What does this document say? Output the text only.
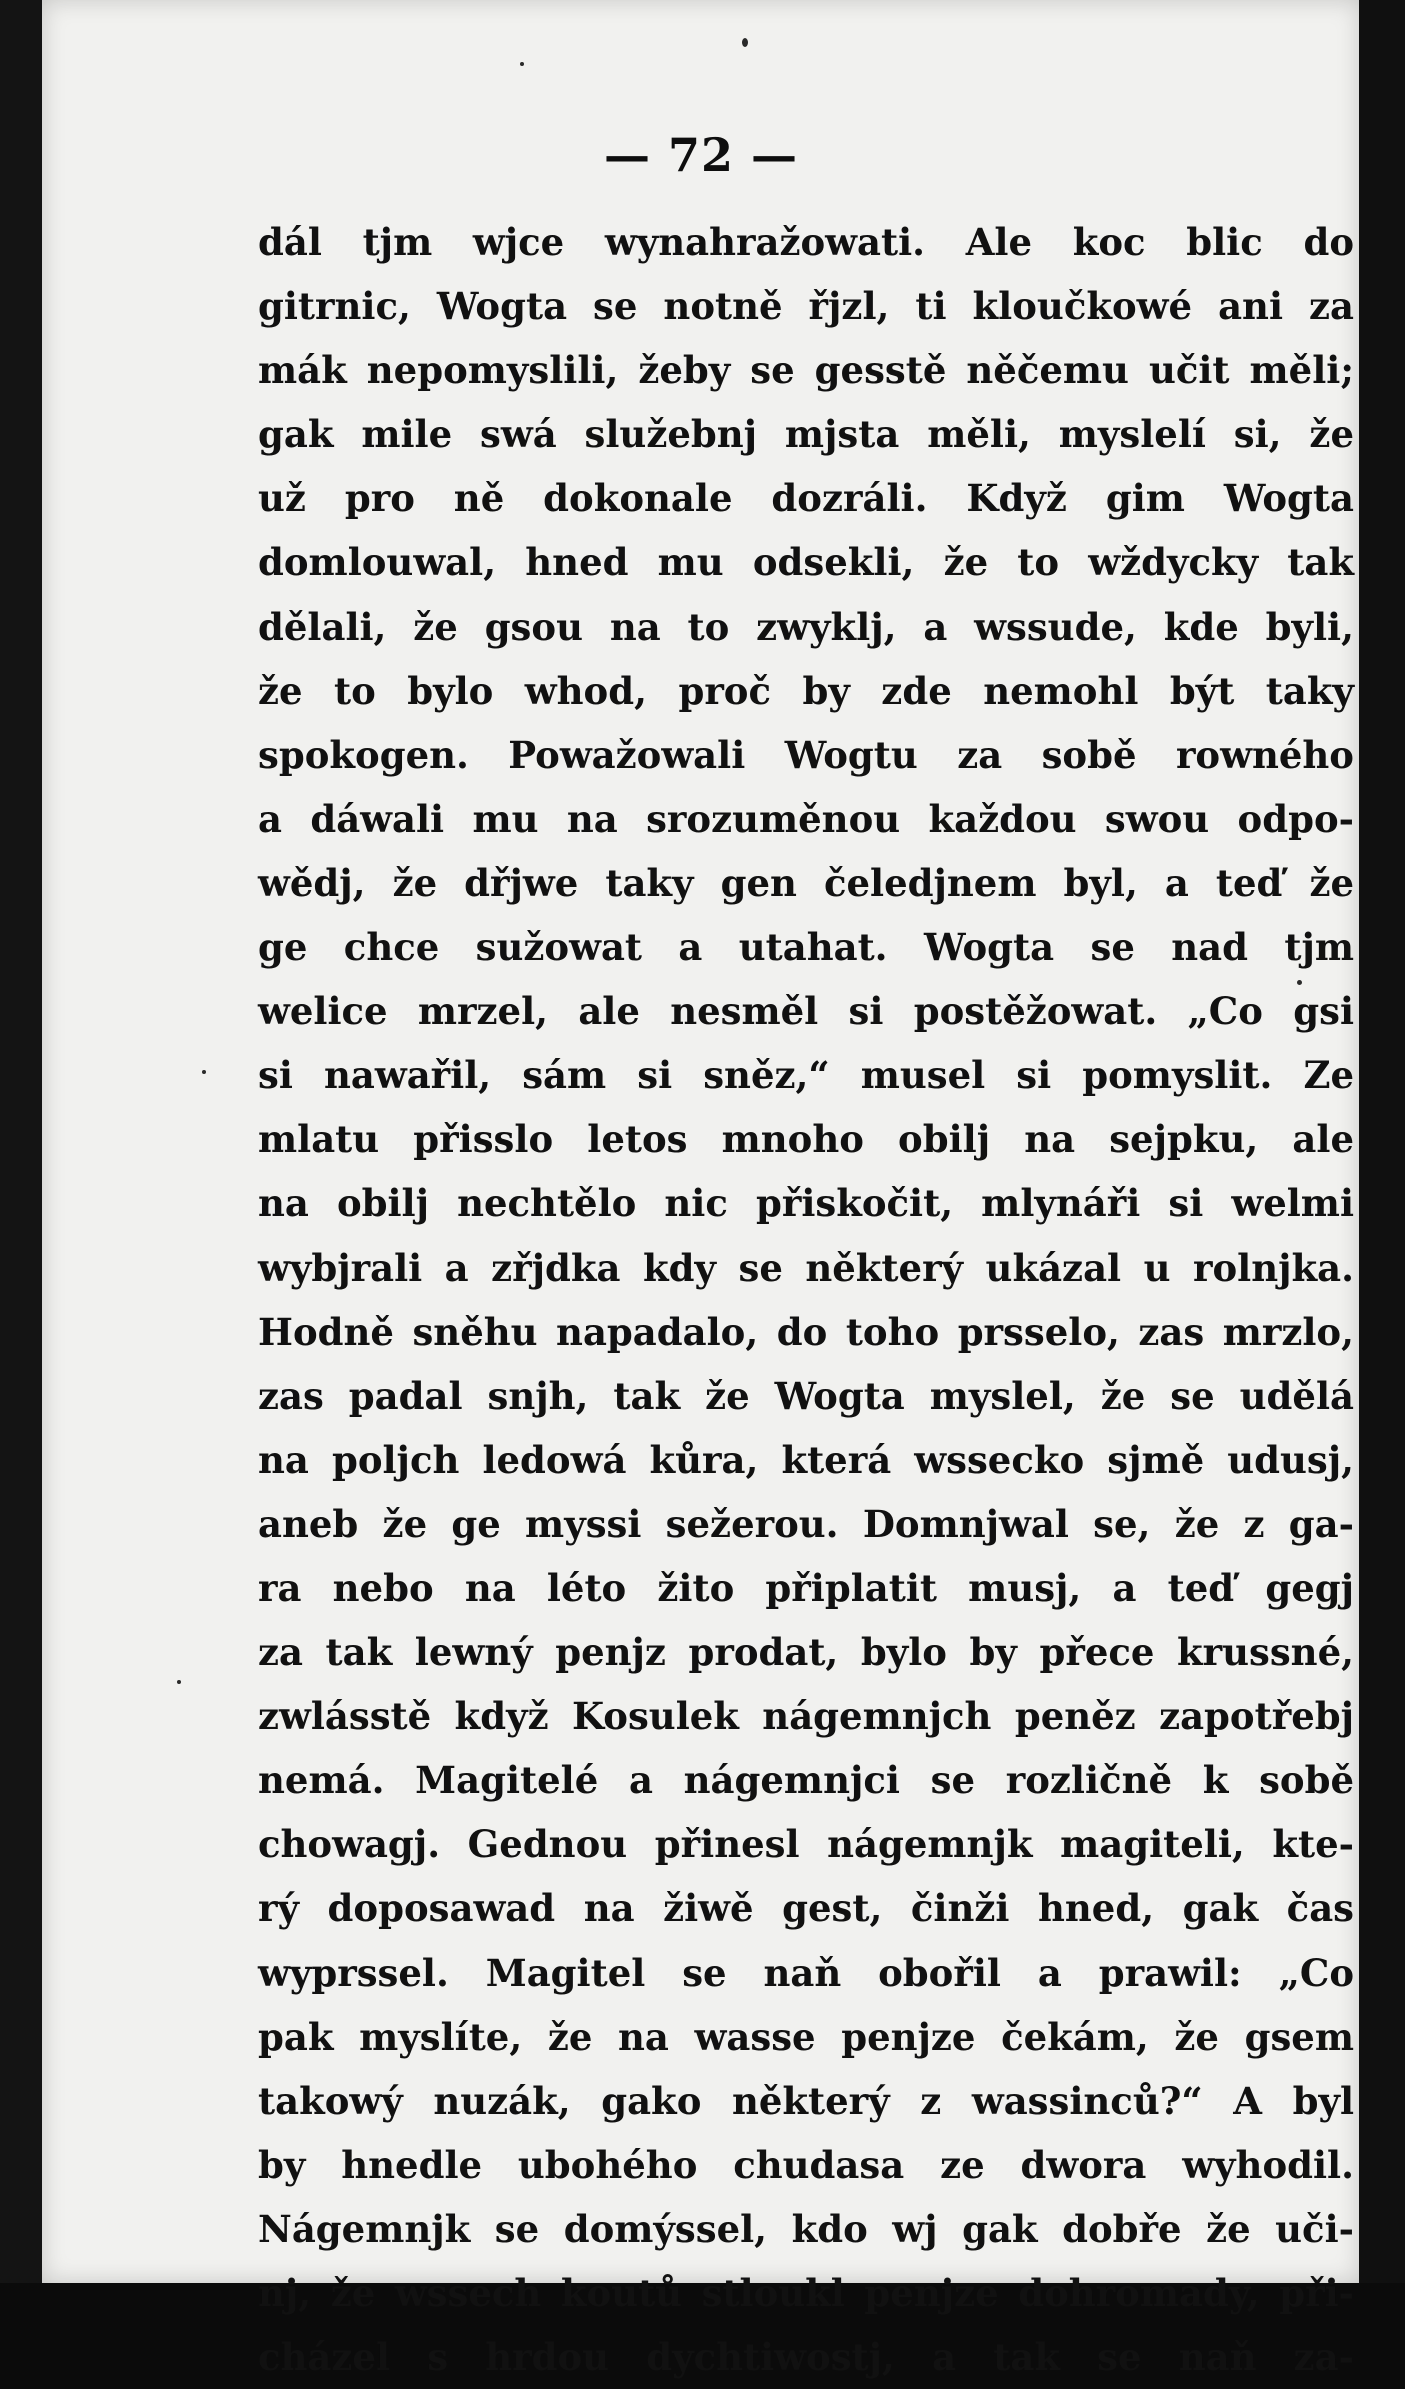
— 72 —
dál tjm wjce wynahražowati. Ale koc blic do
gitrnic, Wogta se notně řjzl, ti kloučkowé ani za
mák nepomyslili, žeby se gesstě něčemu učit měli;
gak mile swá služebnj mjsta měli, myslelí si, že
už pro ně dokonale dozráli. Když gim Wogta
domlouwal, hned mu odsekli, že to wždycky tak
dělali, že gsou na to zwyklj, a wssude, kde byli,
že to bylo whod, proč by zde nemohl být taky
spokogen. Powažowali Wogtu za sobě rowného
a dáwali mu na srozuměnou každou swou odpo-
wědj, že dřjwe taky gen čeledjnem byl, a teď že
ge chce sužowat a utahat. Wogta se nad tjm
welice mrzel, ale nesměl si postěžowat. „Co gsi
si nawařil, sám si sněz,“ musel si pomyslit. Ze
mlatu přisslo letos mnoho obilj na sejpku, ale
na obilj nechtělo nic přiskočit, mlynáři si welmi
wybjrali a zřjdka kdy se některý ukázal u rolnjka.
Hodně sněhu napadalo, do toho prsselo, zas mrzlo,
zas padal snjh, tak že Wogta myslel, že se udělá
na poljch ledowá kůra, která wssecko sjmě udusj,
aneb že ge myssi sežerou. Domnjwal se, že z ga-
ra nebo na léto žito připlatit musj, a teď gegj
za tak lewný penjz prodat, bylo by přece krussné,
zwlásstě když Kosulek nágemnjch peněz zapotřebj
nemá. Magitelé a nágemnjci se rozličně k sobě
chowagj. Gednou přinesl nágemnjk magiteli, kte-
rý doposawad na žiwě gest, činži hned, gak čas
wyprssel. Magitel se naň obořil a prawil: „Co
pak myslíte, že na wasse penjze čekám, že gsem
takowý nuzák, gako některý z wassinců?“ A byl
by hnedle ubohého chudasa ze dwora wyhodil.
Nágemnjk se domýssel, kdo wj gak dobře že uči-
nj, že wssech koutů stloukl penjze dohromady, při-
cházel s hrdou dychtiwostj, a tak se naň za-
